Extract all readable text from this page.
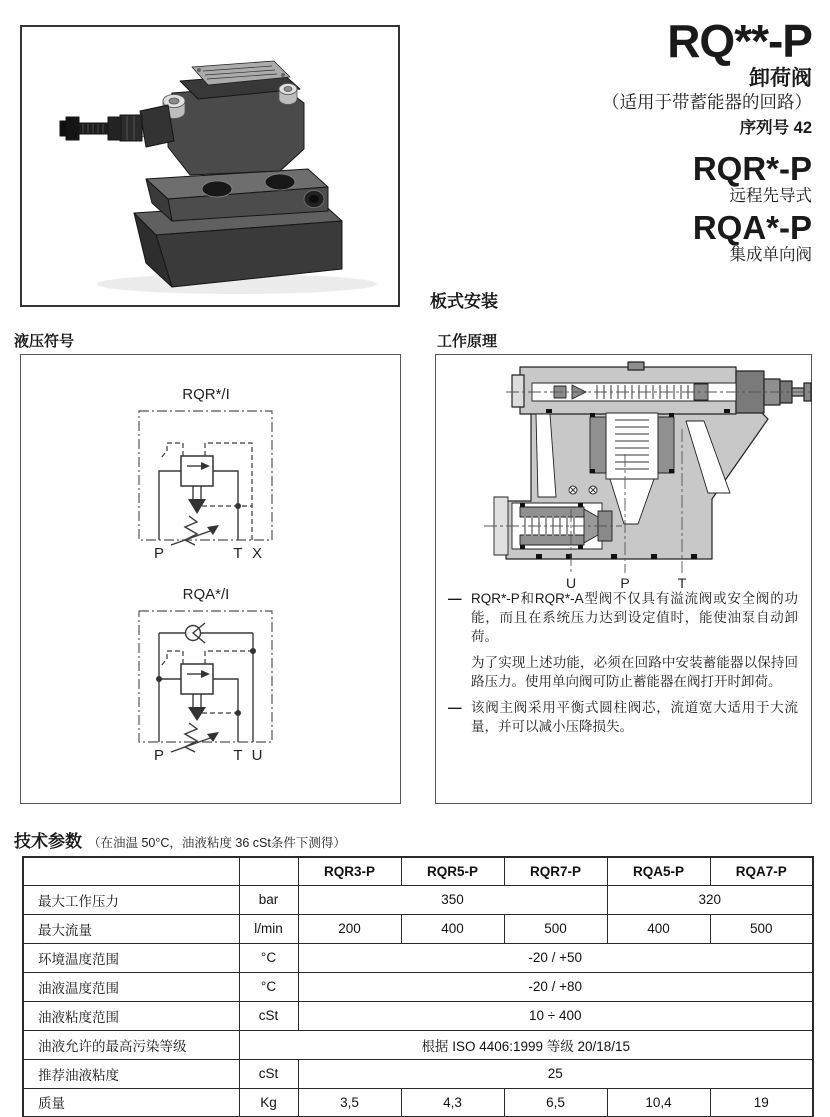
RQ**-P
卸荷阀
（适用于带蓄能器的回路）
序列号 42
RQR*-P
远程先导式
RQA*-P
集成单向阀
板式安装
液压符号	工作原理
RQR*/I
P	T X
RQA*/I
P	T U
U	P	T
— RQR*-P和RQR*-A型阀不仅具有溢流阀或安全阀的功能，而且在系统压力达到设定值时，能使油泵自动卸荷。
为了实现上述功能，必须在回路中安装蓄能器以保持回路压力。使用单向阀可防止蓄能器在阀打开时卸荷。
— 该阀主阀采用平衡式圆柱阀芯，流道宽大适用于大流量，并可以减小压降损失。
技术参数 （在油温 50°C，油液粘度 36 cSt条件下测得）
		RQR3-P	RQR5-P	RQR7-P	RQA5-P	RQA7-P
最大工作压力	bar	350			320	
最大流量	l/min	200	400	500	400	500
环境温度范围	°C	-20 / +50				
油液温度范围	°C	-20 / +80				
油液粘度范围	cSt	10 ÷ 400				
油液允许的最高污染等级	根据 ISO 4406:1999 等级 20/18/15					
推荐油液粘度	cSt	25				
质量	Kg	3,5	4,3	6,5	10,4	19
